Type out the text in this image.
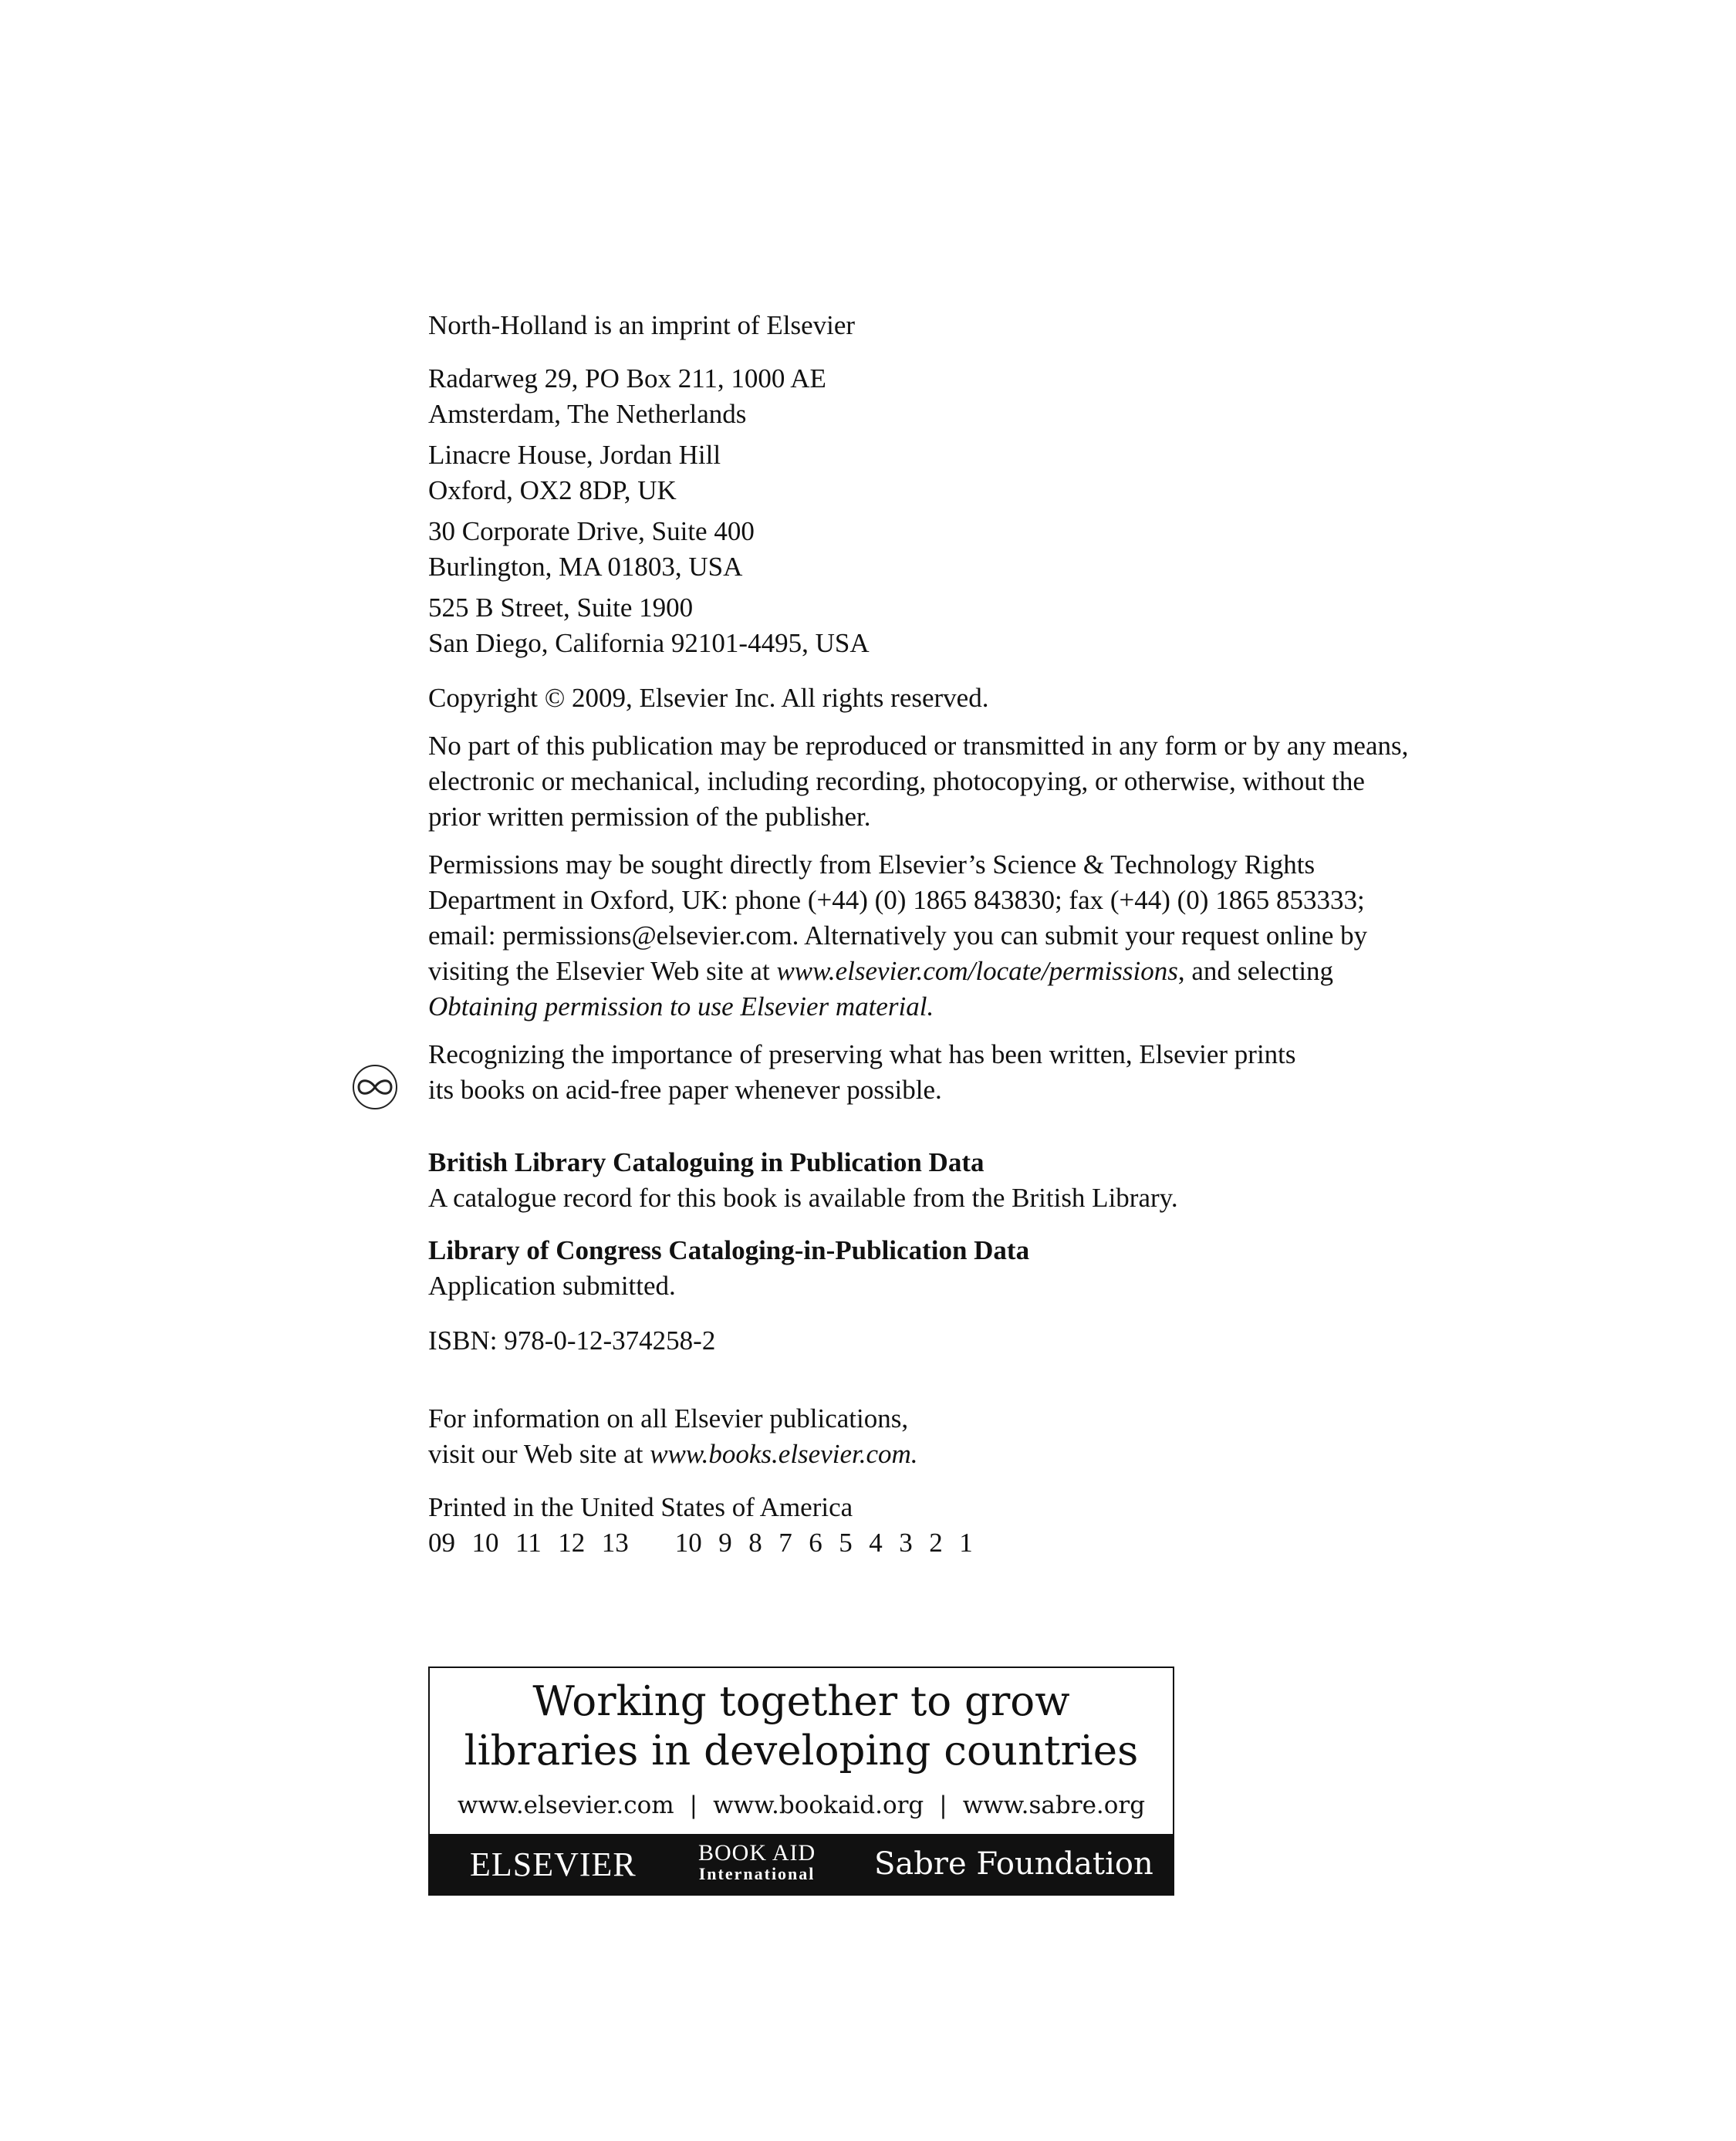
North-Holland is an imprint of Elsevier
Radarweg 29, PO Box 211, 1000 AE
Amsterdam, The Netherlands
Linacre House, Jordan Hill
Oxford, OX2 8DP, UK
30 Corporate Drive, Suite 400
Burlington, MA 01803, USA
525 B Street, Suite 1900
San Diego, California 92101-4495, USA
Copyright © 2009, Elsevier Inc. All rights reserved.
No part of this publication may be reproduced or transmitted in any form or by any means,
electronic or mechanical, including recording, photocopying, or otherwise, without the
prior written permission of the publisher.
Permissions may be sought directly from Elsevier’s Science & Technology Rights
Department in Oxford, UK: phone (+44) (0) 1865 843830; fax (+44) (0) 1865 853333;
email: permissions@elsevier.com. Alternatively you can submit your request online by
visiting the Elsevier Web site at www.elsevier.com/locate/permissions, and selecting
Obtaining permission to use Elsevier material.
Recognizing the importance of preserving what has been written, Elsevier prints
its books on acid-free paper whenever possible.
British Library Cataloguing in Publication Data
A catalogue record for this book is available from the British Library.
Library of Congress Cataloging-in-Publication Data
Application submitted.
ISBN: 978-0-12-374258-2
For information on all Elsevier publications,
visit our Web site at www.books.elsevier.com.
Printed in the United States of America
09  10  11  12  13 10  9  8  7  6  5  4  3  2  1
Working together to grow
libraries in developing countries
www.elsevier.com | www.bookaid.org | www.sabre.org
ELSEVIER	BOOK AID
International Sabre Foundation
